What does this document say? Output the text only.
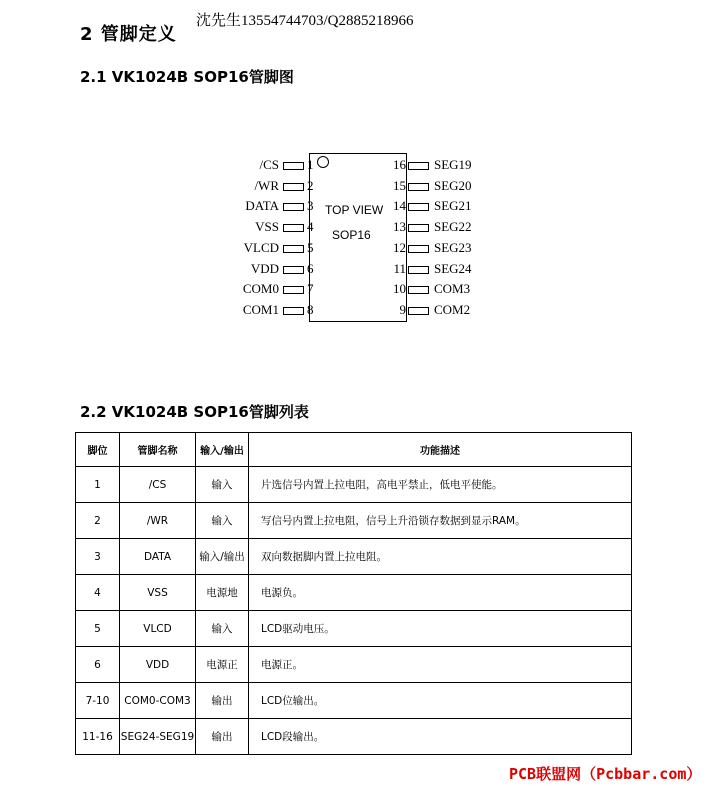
2 管脚定义
沈先生13554744703/Q2885218966
2.1 VK1024B SOP16管脚图
TOP VIEW
SOP16
/CS 1
/WR 2
DATA 3
VSS 4
VLCD 5
VDD 6
COM0 7
COM1 8
SEG19
16
SEG20
15
SEG21
14
SEG22
13
SEG23
12
SEG24
11
COM3
10
COM2
9
2.2 VK1024B SOP16管脚列表
脚位	管脚名称	输入/输出	功能描述
1	/CS	输入	片选信号内置上拉电阻，高电平禁止，低电平使能。
2	/WR	输入	写信号内置上拉电阻，信号上升沿锁存数据到显示RAM。
3	DATA	输入/输出	双向数据脚内置上拉电阻。
4	VSS	电源地	电源负。
5	VLCD	输入	LCD驱动电压。
6	VDD	电源正	电源正。
7-10	COM0-COM3	输出	LCD位输出。
11-16	SEG24-SEG19	输出	LCD段输出。
PCB联盟网（Pcbbar.com）
